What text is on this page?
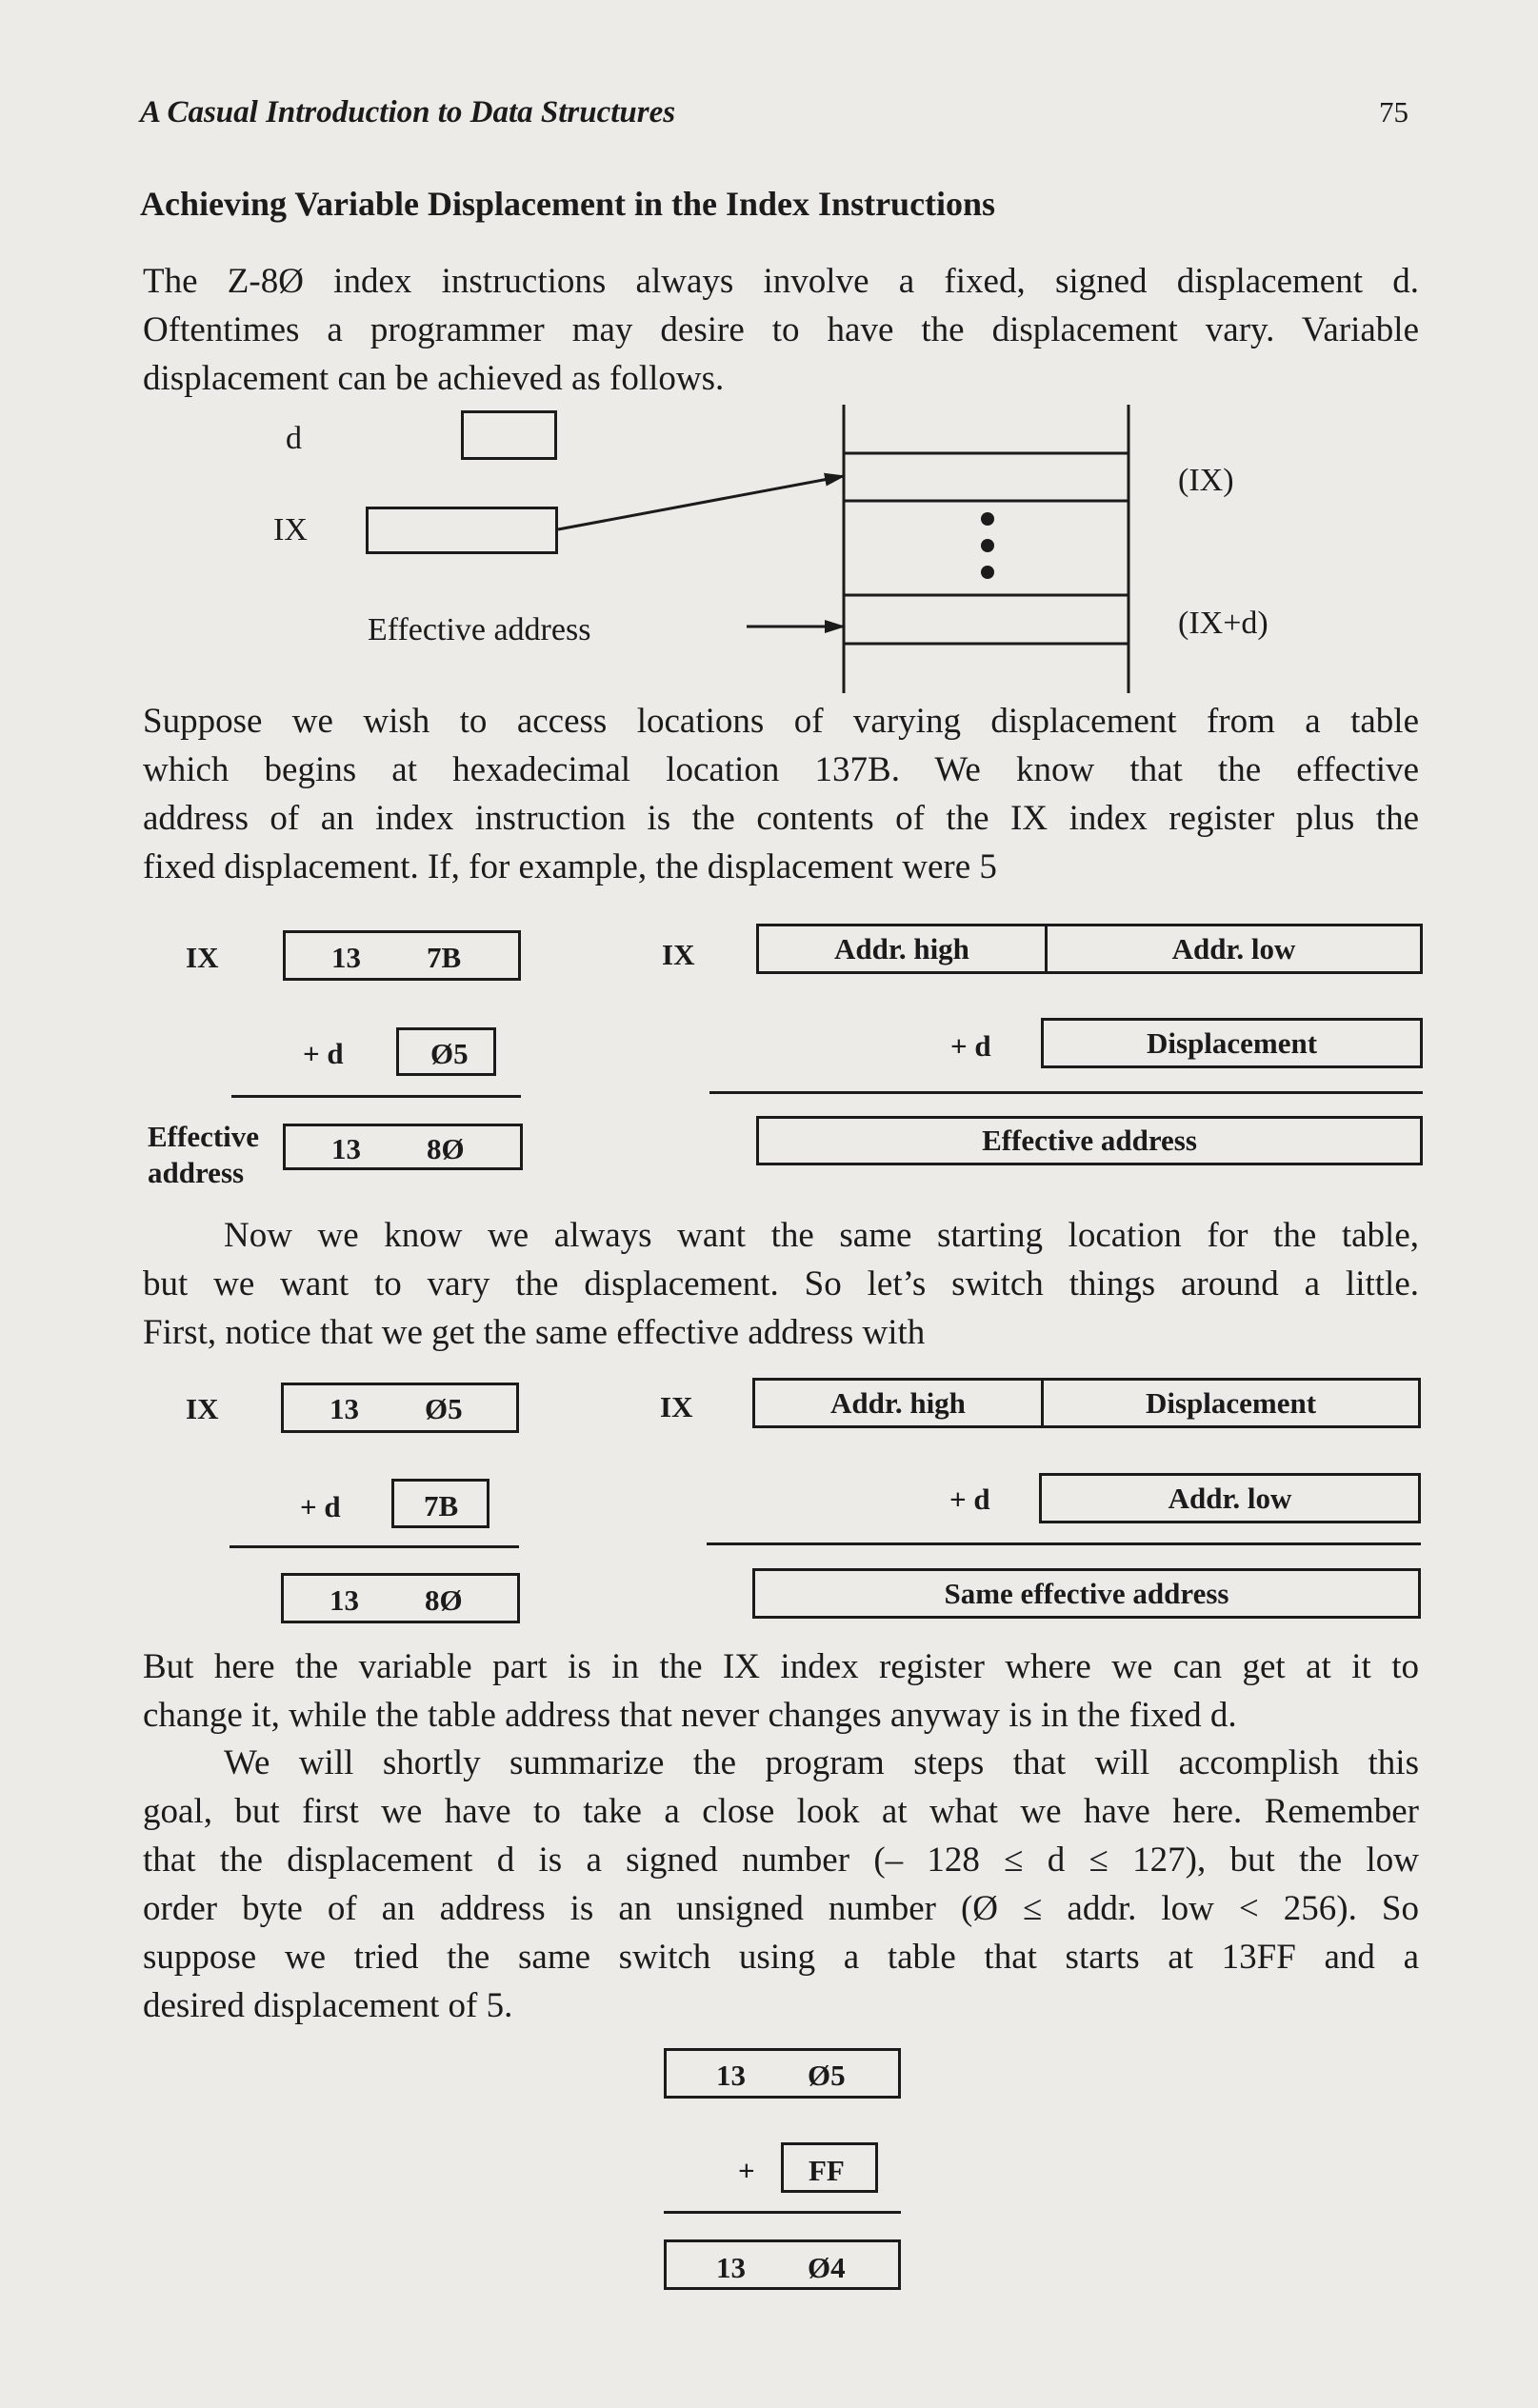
A Casual Introduction to Data Structures	75
Achieving Variable Displacement in the Index Instructions

The Z-8Ø index instructions always involve a fixed, signed displacement d.

Oftentimes a programmer may desire to have the displacement vary. Variable

displacement can be achieved as follows.

d
IX
Effective address
(IX)
(IX+d)

Suppose we wish to access locations of varying displacement from a table

which begins at hexadecimal location 137B. We know that the effective

address of an index instruction is the contents of the IX index register plus the

fixed displacement. If, for example, the displacement were 5

IX	13 7B
+ d	Ø5
Effective
address
13 8Ø
IX	Addr. high	Addr. low
+ d	Displacement
Effective address

Now we know we always want the same starting location for the table,

but we want to vary the displacement. So let’s switch things around a little.

First, notice that we get the same effective address with

IX	13 Ø5
+ d	7B
13 8Ø
IX	Addr. high	Displacement
+ d	Addr. low
Same effective address

But here the variable part is in the IX index register where we can get at it to

change it, while the table address that never changes anyway is in the fixed d.

We will shortly summarize the program steps that will accomplish this

goal, but first we have to take a close look at what we have here. Remember

that the displacement d is a signed number (– 128 ≤ d ≤ 127), but the low

order byte of an address is an unsigned number (Ø ≤ addr. low < 256). So

suppose we tried the same switch using a table that starts at 13FF and a

desired displacement of 5.

13 Ø5
+ FF
13 Ø4
